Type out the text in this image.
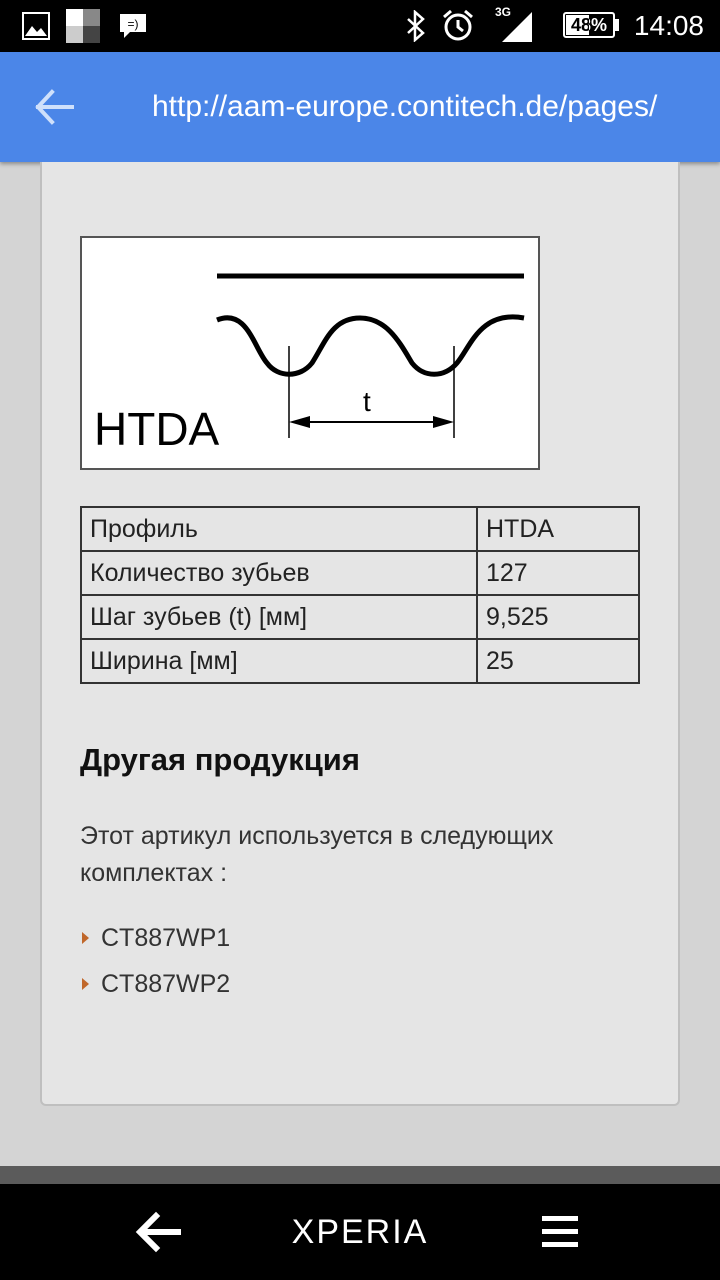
=)
3G
48% 14:08
http://aam-europe.contitech.de/pages/
t
HTDA
Профиль	HTDA
Количество зубьев	127
Шаг зубьев (t) [мм]	9,525
Ширина [мм]	25
Другая продукция
Этот артикул используется в следующих комплектах :
CT887WP1
CT887WP2
XPERIA
